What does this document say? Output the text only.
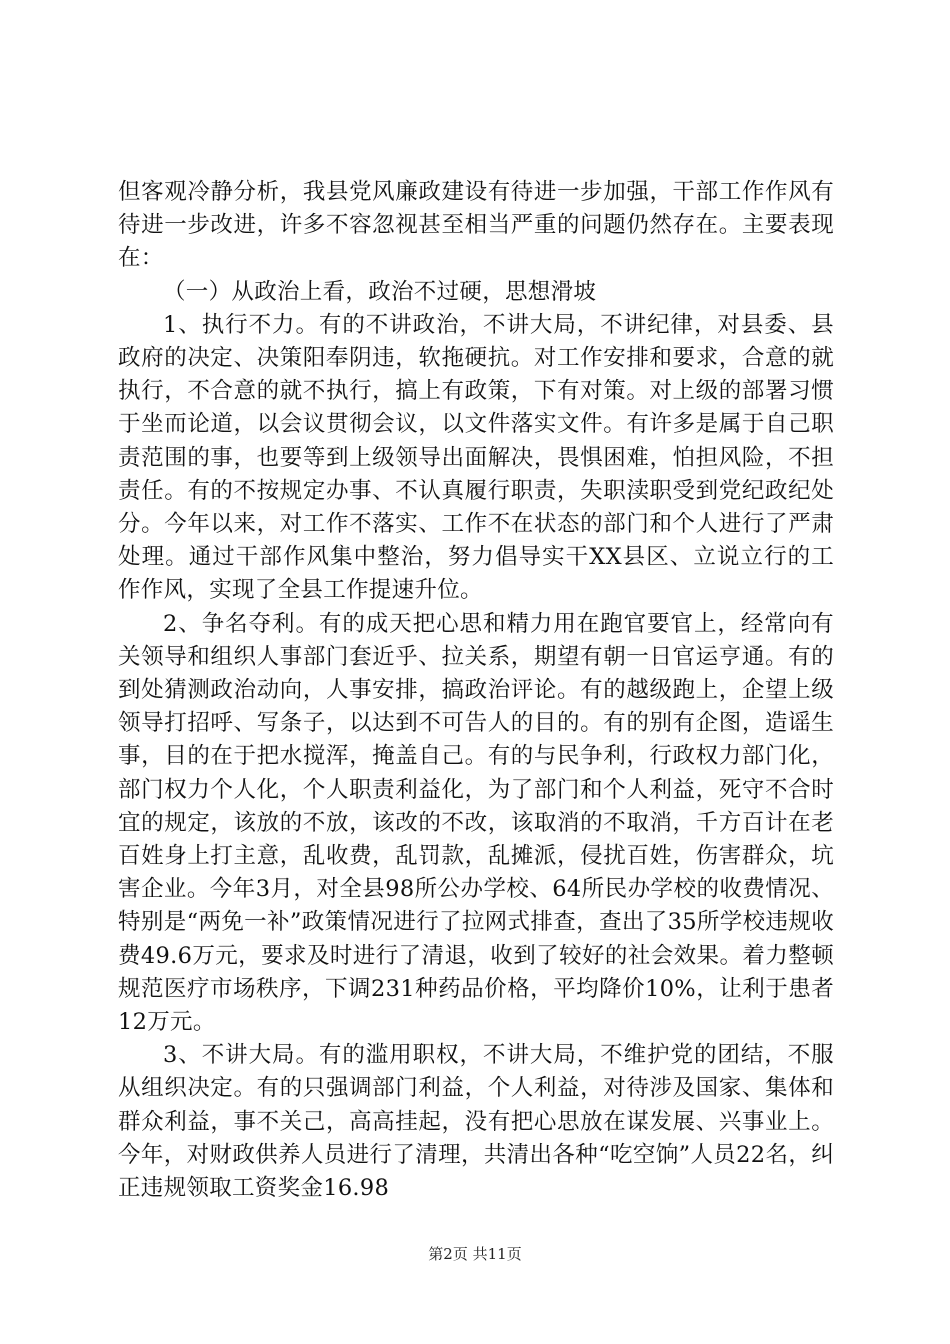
但客观冷静分析，我县党风廉政建设有待进一步加强，干部工作作风有待进一步改进，许多不容忽视甚至相当严重的问题仍然存在。主要表现在：

（一）从政治上看，政治不过硬，思想滑坡

1、执行不力。有的不讲政治，不讲大局，不讲纪律，对县委、县政府的决定、决策阳奉阴违，软拖硬抗。对工作安排和要求，合意的就执行，不合意的就不执行，搞上有政策，下有对策。对上级的部署习惯于坐而论道，以会议贯彻会议，以文件落实文件。有许多是属于自己职责范围的事，也要等到上级领导出面解决，畏惧困难，怕担风险，不担责任。有的不按规定办事、不认真履行职责，失职渎职受到党纪政纪处分。今年以来，对工作不落实、工作不在状态的部门和个人进行了严肃处理。通过干部作风集中整治，努力倡导实干XX县区、立说立行的工作作风，实现了全县工作提速升位。

2、争名夺利。有的成天把心思和精力用在跑官要官上，经常向有关领导和组织人事部门套近乎、拉关系，期望有朝一日官运亨通。有的到处猜测政治动向，人事安排，搞政治评论。有的越级跑上，企望上级领导打招呼、写条子，以达到不可告人的目的。有的别有企图，造谣生事，目的在于把水搅浑，掩盖自己。有的与民争利，行政权力部门化，部门权力个人化，个人职责利益化，为了部门和个人利益，死守不合时宜的规定，该放的不放，该改的不改，该取消的不取消，千方百计在老百姓身上打主意，乱收费，乱罚款，乱摊派，侵扰百姓，伤害群众，坑害企业。今年3月，对全县98所公办学校、64所民办学校的收费情况、特别是“两免一补”政策情况进行了拉网式排查，查出了35所学校违规收费49.6万元，要求及时进行了清退，收到了较好的社会效果。着力整顿规范医疗市场秩序，下调231种药品价格，平均降价10%，让利于患者12万元。

3、不讲大局。有的滥用职权，不讲大局，不维护党的团结，不服从组织决定。有的只强调部门利益，个人利益，对待涉及国家、集体和群众利益，事不关己，高高挂起，没有把心思放在谋发展、兴事业上。今年，对财政供养人员进行了清理，共清出各种“吃空饷”人员22名，纠正违规领取工资奖金16.98

第2页 共11页
